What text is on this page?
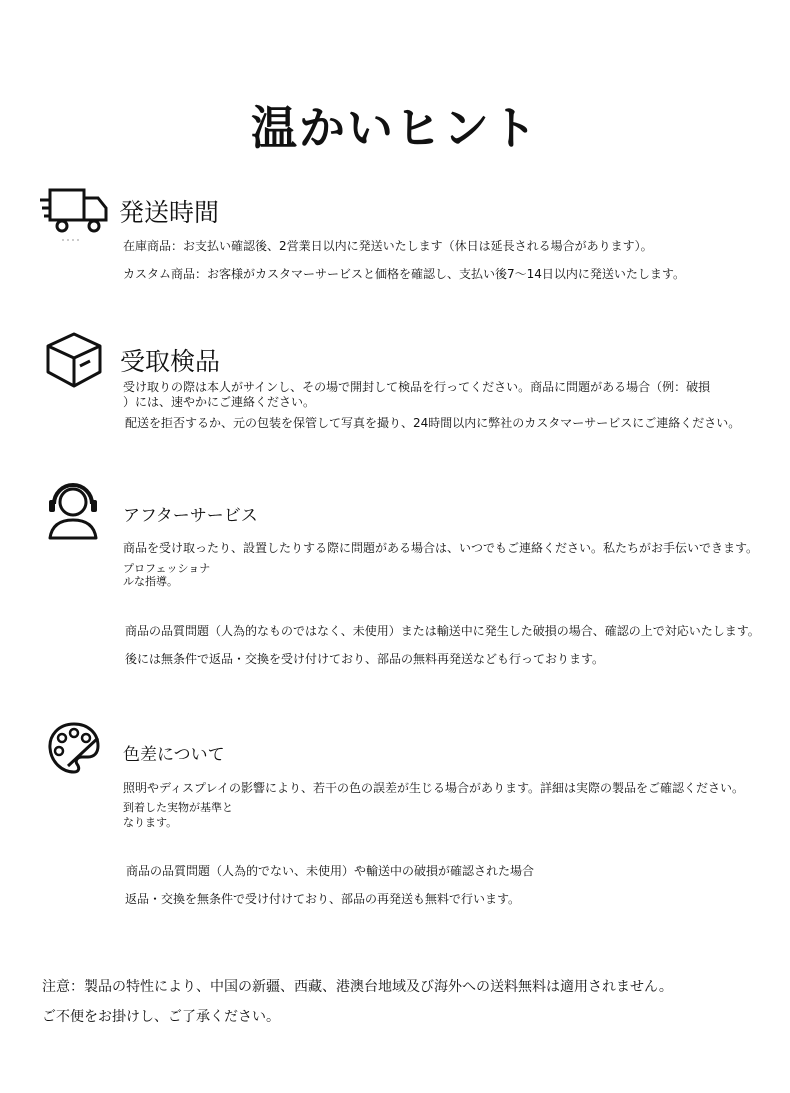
温かいヒント
発送時間
在庫商品：お支払い確認後、2営業日以内に発送いたします（休日は延長される場合があります）。
カスタム商品：お客様がカスタマーサービスと価格を確認し、支払い後7〜14日以内に発送いたします。
受取検品
受け取りの際は本人がサインし、その場で開封して検品を行ってください。商品に問題がある場合（例：破損
）には、速やかにご連絡ください。
配送を拒否するか、元の包装を保管して写真を撮り、24時間以内に弊社のカスタマーサービスにご連絡ください。
アフターサービス
商品を受け取ったり、設置したりする際に問題がある場合は、いつでもご連絡ください。私たちがお手伝いできます。
プロフェッショナ
ルな指導。
商品の品質問題（人為的なものではなく、未使用）または輸送中に発生した破損の場合、確認の上で対応いたします。
後には無条件で返品・交換を受け付けており、部品の無料再発送なども行っております。
色差について
照明やディスプレイの影響により、若干の色の誤差が生じる場合があります。詳細は実際の製品をご確認ください。
到着した実物が基準と
なります。
商品の品質問題（人為的でない、未使用）や輸送中の破損が確認された場合
返品・交換を無条件で受け付けており、部品の再発送も無料で行います。
注意：製品の特性により、中国の新疆、西藏、港澳台地域及び海外への送料無料は適用されません。
ご不便をお掛けし、ご了承ください。
